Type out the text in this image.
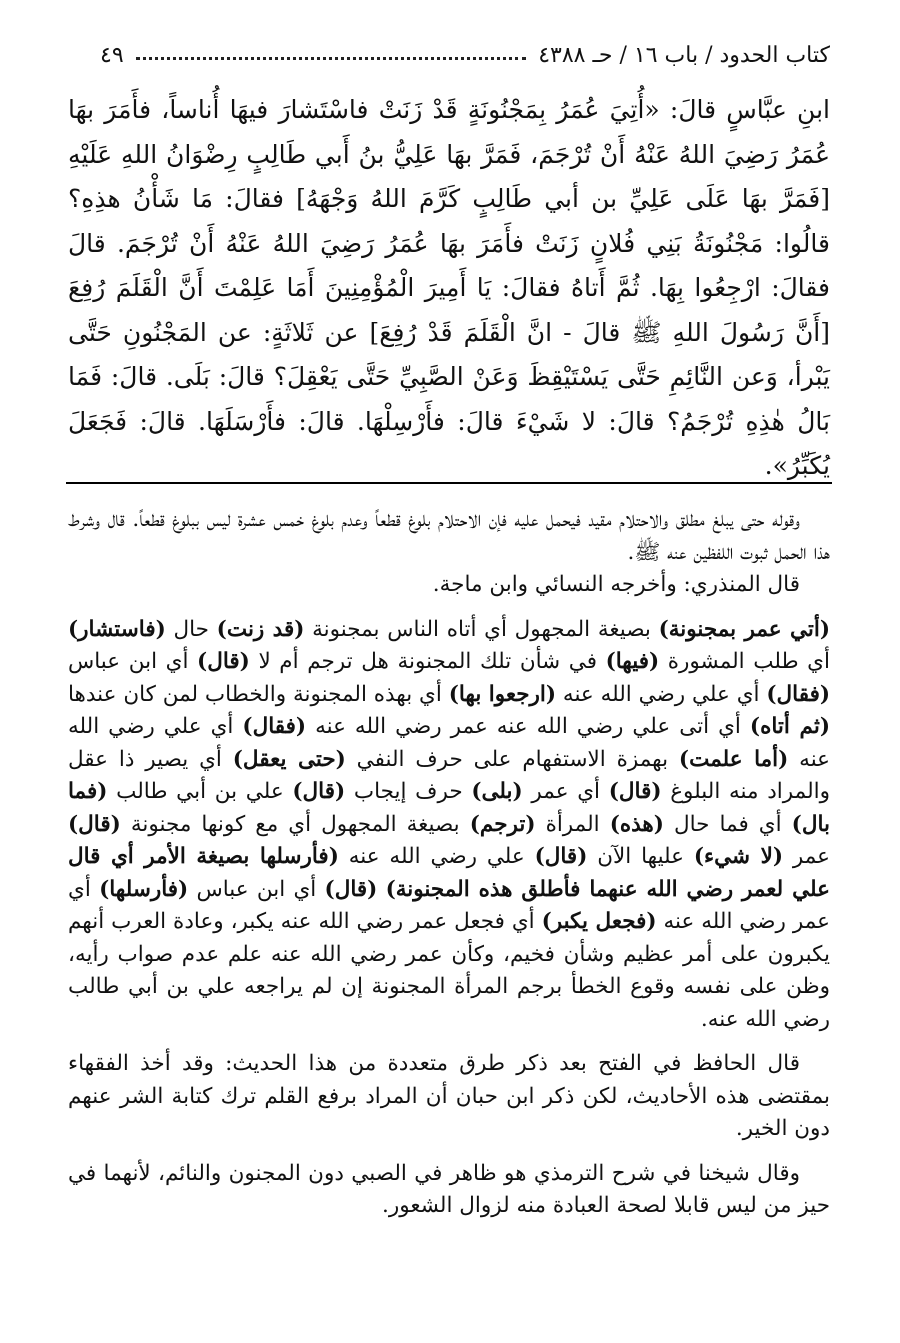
كتاب الحدود / باب ١٦ / حـ ٤٣٨٨
٤٩

ابنِ عبَّاسٍ قالَ: «أُتِيَ عُمَرُ بِمَجْنُونَةٍ قَدْ زَنَتْ فاسْتَشارَ فيهَا أُناساً، فأَمَرَ بهَا عُمَرُ رَضِيَ اللهُ عَنْهُ أَنْ تُرْجَمَ، فَمَرَّ بهَا عَلِيُّ بنُ أَبي طَالِبٍ رِضْوَانُ اللهِ عَلَيْهِ [فَمَرَّ بهَا عَلَى عَلِيِّ بن أبي طَالِبٍ كَرَّمَ اللهُ وَجْهَهُ] فقالَ: مَا شَأْنُ هذِهِ؟ قالُوا: مَجْنُونَةُ بَنِي فُلانٍ زَنَتْ فأَمَرَ بهَا عُمَرُ رَضِيَ اللهُ عَنْهُ أَنْ تُرْجَمَ. قالَ فقالَ: ارْجِعُوا بِهَا. ثُمَّ أَتاهُ فقالَ: يَا أَمِيرَ الْمُؤْمِنِينَ أَمَا عَلِمْتَ أَنَّ الْقَلَمَ رُفِعَ [أَنَّ رَسُولَ اللهِ ﷺ قالَ - انَّ الْقَلَمَ قَدْ رُفِعَ] عن ثَلاثَةٍ: عن المَجْنُونِ حَتَّى يَبْرأ، وَعن النَّائِمِ حَتَّى يَسْتَيْقِظَ وَعَنْ الصَّبِيِّ حَتَّى يَعْقِلَ؟ قالَ: بَلَى. قالَ: فَمَا بَالُ هٰذِهِ تُرْجَمُ؟ قالَ: لا شَيْءَ قالَ: فأَرْسِلْهَا. قالَ: فأَرْسَلَهَا. قالَ: فَجَعَلَ يُكَبِّرُ».

وقوله حتى يبلغ مطلق والاحتلام مقيد فيحمل عليه فإن الاحتلام بلوغ قطعاً وعدم بلوغ خمس عشرة ليس ببلوغ قطعاً. قال وشرط هذا الحمل ثبوت اللفظين عنه ﷺ.

قال المنذري: وأخرجه النسائي وابن ماجة.

(أتي عمر بمجنونة) بصيغة المجهول أي أتاه الناس بمجنونة (قد زنت) حال (فاستشار) أي طلب المشورة (فيها) في شأن تلك المجنونة هل ترجم أم لا (قال) أي ابن عباس (فقال) أي علي رضي الله عنه (ارجعوا بها) أي بهذه المجنونة والخطاب لمن كان عندها (ثم أتاه) أي أتى علي رضي الله عنه عمر رضي الله عنه (فقال) أي علي رضي الله عنه (أما علمت) بهمزة الاستفهام على حرف النفي (حتى يعقل) أي يصير ذا عقل والمراد منه البلوغ (قال) أي عمر (بلى) حرف إيجاب (قال) علي بن أبي طالب (فما بال) أي فما حال (هذه) المرأة (ترجم) بصيغة المجهول أي مع كونها مجنونة (قال) عمر (لا شيء) عليها الآن (قال) علي رضي الله عنه (فأرسلها بصيغة الأمر أي قال علي لعمر رضي الله عنهما فأطلق هذه المجنونة) (قال) أي ابن عباس (فأرسلها) أي عمر رضي الله عنه (فجعل يكبر) أي فجعل عمر رضي الله عنه يكبر، وعادة العرب أنهم يكبرون على أمر عظيم وشأن فخيم، وكأن عمر رضي الله عنه علم عدم صواب رأيه، وظن على نفسه وقوع الخطأ برجم المرأة المجنونة إن لم يراجعه علي بن أبي طالب رضي الله عنه.

قال الحافظ في الفتح بعد ذكر طرق متعددة من هذا الحديث: وقد أخذ الفقهاء بمقتضى هذه الأحاديث، لكن ذكر ابن حبان أن المراد برفع القلم ترك كتابة الشر عنهم دون الخير.

وقال شيخنا في شرح الترمذي هو ظاهر في الصبي دون المجنون والنائم، لأنهما في حيز من ليس قابلا لصحة العبادة منه لزوال الشعور.
